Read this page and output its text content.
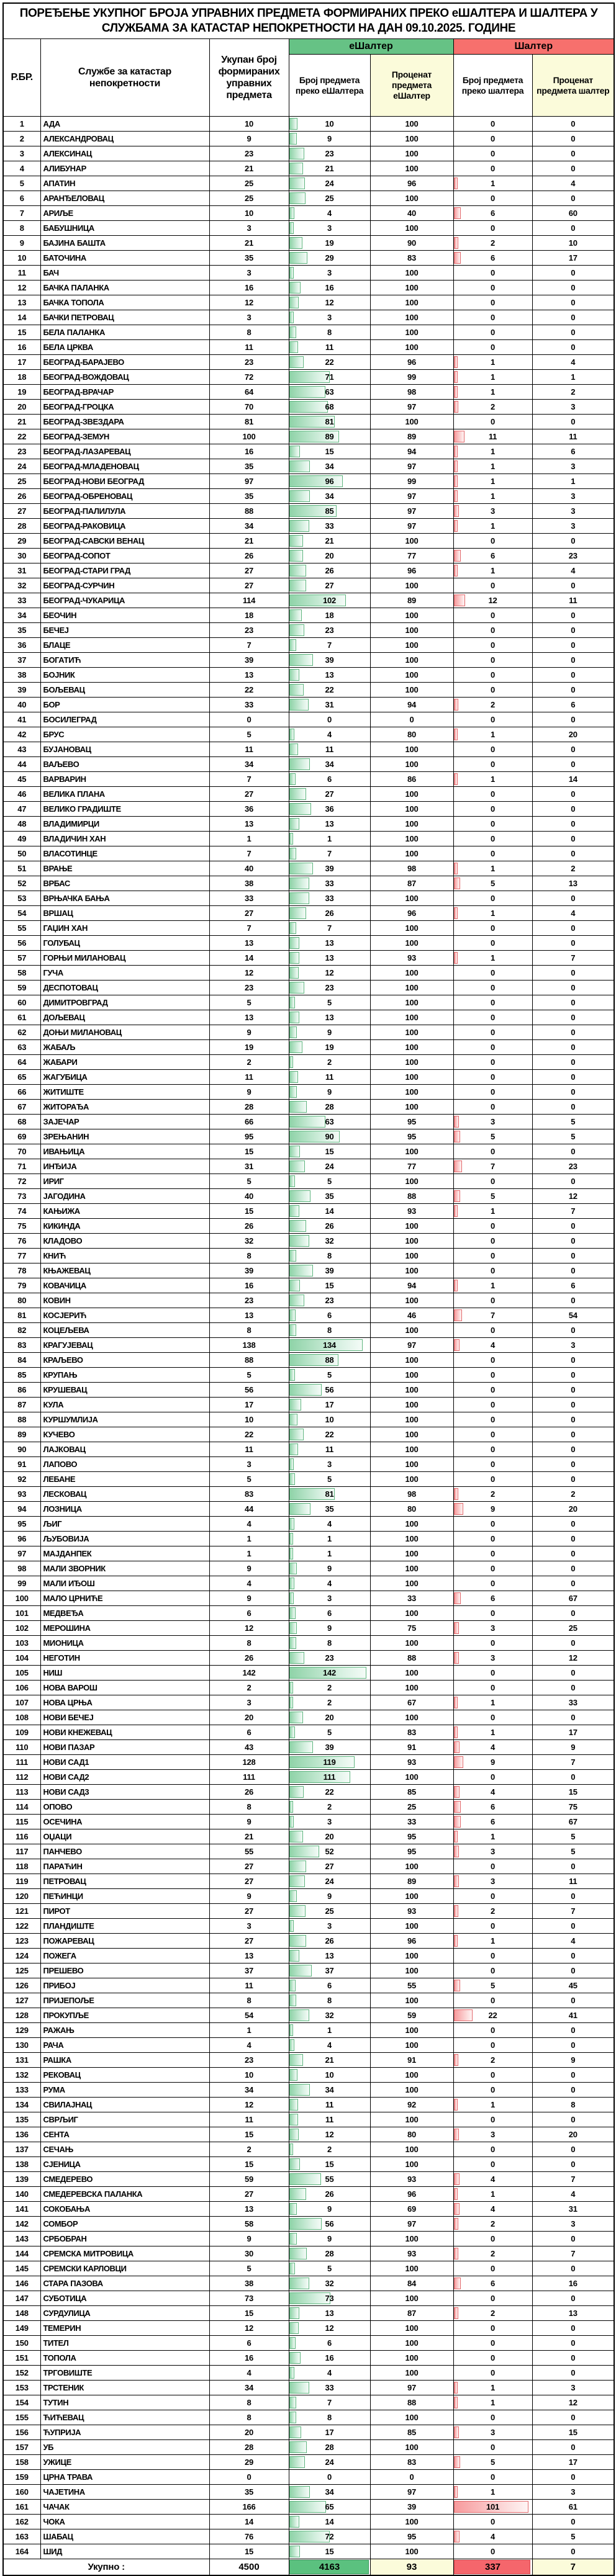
ПОРЕЂЕЊЕ УКУПНОГ БРОЈА УПРАВНИХ ПРЕДМЕТА ФОРМИРАНИХ ПРЕКО еШАЛТЕРА И ШАЛТЕРА У СЛУЖБАМА ЗА КАТАСТАР НЕПОКРЕТНОСТИ НА ДАН 09.10.2025. ГОДИНЕ						
Р.БР.	Службе за катастар непокретности	Укупан број формираних управних предмета	еШалтер		Шалтер	
			Број предмета преко еШалтера	Проценат предмета еШалтер	Број предмета преко шалтера	Проценат предмета шалтер
1	АДА	10	10	100	0	0
2	АЛЕКСАНДРОВАЦ	9	9	100	0	0
3	АЛЕКСИНАЦ	23	23	100	0	0
4	АЛИБУНАР	21	21	100	0	0
5	АПАТИН	25	24	96	1	4
6	АРАНЂЕЛОВАЦ	25	25	100	0	0
7	АРИЉЕ	10	4	40	6	60
8	БАБУШНИЦА	3	3	100	0	0
9	БАЈИНА БАШТА	21	19	90	2	10
10	БАТОЧИНА	35	29	83	6	17
11	БАЧ	3	3	100	0	0
12	БАЧКА ПАЛАНКА	16	16	100	0	0
13	БАЧКА ТОПОЛА	12	12	100	0	0
14	БАЧКИ ПЕТРОВАЦ	3	3	100	0	0
15	БЕЛА ПАЛАНКА	8	8	100	0	0
16	БЕЛА ЦРКВА	11	11	100	0	0
17	БЕОГРАД-БАРАЈЕВО	23	22	96	1	4
18	БЕОГРАД-ВОЖДОВАЦ	72	71	99	1	1
19	БЕОГРАД-ВРАЧАР	64	63	98	1	2
20	БЕОГРАД-ГРОЦКА	70	68	97	2	3
21	БЕОГРАД-ЗВЕЗДАРА	81	81	100	0	0
22	БЕОГРАД-ЗЕМУН	100	89	89	11	11
23	БЕОГРАД-ЛАЗАРЕВАЦ	16	15	94	1	6
24	БЕОГРАД-МЛАДЕНОВАЦ	35	34	97	1	3
25	БЕОГРАД-НОВИ БЕОГРАД	97	96	99	1	1
26	БЕОГРАД-ОБРЕНОВАЦ	35	34	97	1	3
27	БЕОГРАД-ПАЛИЛУЛА	88	85	97	3	3
28	БЕОГРАД-РАКОВИЦА	34	33	97	1	3
29	БЕОГРАД-САВСКИ ВЕНАЦ	21	21	100	0	0
30	БЕОГРАД-СОПОТ	26	20	77	6	23
31	БЕОГРАД-СТАРИ ГРАД	27	26	96	1	4
32	БЕОГРАД-СУРЧИН	27	27	100	0	0
33	БЕОГРАД-ЧУКАРИЦА	114	102	89	12	11
34	БЕОЧИН	18	18	100	0	0
35	БЕЧЕЈ	23	23	100	0	0
36	БЛАЦЕ	7	7	100	0	0
37	БОГАТИЋ	39	39	100	0	0
38	БОЈНИК	13	13	100	0	0
39	БОЉЕВАЦ	22	22	100	0	0
40	БОР	33	31	94	2	6
41	БОСИЛЕГРАД	0	0	0	0	0
42	БРУС	5	4	80	1	20
43	БУЈАНОВАЦ	11	11	100	0	0
44	ВАЉЕВО	34	34	100	0	0
45	ВАРВАРИН	7	6	86	1	14
46	ВЕЛИКА ПЛАНА	27	27	100	0	0
47	ВЕЛИКО ГРАДИШТЕ	36	36	100	0	0
48	ВЛАДИМИРЦИ	13	13	100	0	0
49	ВЛАДИЧИН ХАН	1	1	100	0	0
50	ВЛАСОТИНЦЕ	7	7	100	0	0
51	ВРАЊЕ	40	39	98	1	2
52	ВРБАС	38	33	87	5	13
53	ВРЊАЧКА БАЊА	33	33	100	0	0
54	ВРШАЦ	27	26	96	1	4
55	ГАЏИН ХАН	7	7	100	0	0
56	ГОЛУБАЦ	13	13	100	0	0
57	ГОРЊИ МИЛАНОВАЦ	14	13	93	1	7
58	ГУЧА	12	12	100	0	0
59	ДЕСПОТОВАЦ	23	23	100	0	0
60	ДИМИТРОВГРАД	5	5	100	0	0
61	ДОЉЕВАЦ	13	13	100	0	0
62	ДОЊИ МИЛАНОВАЦ	9	9	100	0	0
63	ЖАБАЉ	19	19	100	0	0
64	ЖАБАРИ	2	2	100	0	0
65	ЖАГУБИЦА	11	11	100	0	0
66	ЖИТИШТЕ	9	9	100	0	0
67	ЖИТОРАЂА	28	28	100	0	0
68	ЗАЈЕЧАР	66	63	95	3	5
69	ЗРЕЊАНИН	95	90	95	5	5
70	ИВАЊИЦА	15	15	100	0	0
71	ИНЂИЈА	31	24	77	7	23
72	ИРИГ	5	5	100	0	0
73	ЈАГОДИНА	40	35	88	5	12
74	КАЊИЖА	15	14	93	1	7
75	КИКИНДА	26	26	100	0	0
76	КЛАДОВО	32	32	100	0	0
77	КНИЋ	8	8	100	0	0
78	КЊАЖЕВАЦ	39	39	100	0	0
79	КОВАЧИЦА	16	15	94	1	6
80	КОВИН	23	23	100	0	0
81	КОСЈЕРИЋ	13	6	46	7	54
82	КОЦЕЉЕВА	8	8	100	0	0
83	КРАГУЈЕВАЦ	138	134	97	4	3
84	КРАЉЕВО	88	88	100	0	0
85	КРУПАЊ	5	5	100	0	0
86	КРУШЕВАЦ	56	56	100	0	0
87	КУЛА	17	17	100	0	0
88	КУРШУМЛИЈА	10	10	100	0	0
89	КУЧЕВО	22	22	100	0	0
90	ЛАЈКОВАЦ	11	11	100	0	0
91	ЛАПОВО	3	3	100	0	0
92	ЛЕБАНЕ	5	5	100	0	0
93	ЛЕСКОВАЦ	83	81	98	2	2
94	ЛОЗНИЦА	44	35	80	9	20
95	ЉИГ	4	4	100	0	0
96	ЉУБОВИЈА	1	1	100	0	0
97	МАЈДАНПЕК	1	1	100	0	0
98	МАЛИ ЗВОРНИК	9	9	100	0	0
99	МАЛИ ИЂОШ	4	4	100	0	0
100	МАЛО ЦРНИЋЕ	9	3	33	6	67
101	МЕДВЕЂА	6	6	100	0	0
102	МЕРОШИНА	12	9	75	3	25
103	МИОНИЦА	8	8	100	0	0
104	НЕГОТИН	26	23	88	3	12
105	НИШ	142	142	100	0	0
106	НОВА ВАРОШ	2	2	100	0	0
107	НОВА ЦРЊА	3	2	67	1	33
108	НОВИ БЕЧЕЈ	20	20	100	0	0
109	НОВИ КНЕЖЕВАЦ	6	5	83	1	17
110	НОВИ ПАЗАР	43	39	91	4	9
111	НОВИ САД1	128	119	93	9	7
112	НОВИ САД2	111	111	100	0	0
113	НОВИ САД3	26	22	85	4	15
114	ОПОВО	8	2	25	6	75
115	ОСЕЧИНА	9	3	33	6	67
116	ОЏАЦИ	21	20	95	1	5
117	ПАНЧЕВО	55	52	95	3	5
118	ПАРАЋИН	27	27	100	0	0
119	ПЕТРОВАЦ	27	24	89	3	11
120	ПЕЋИНЦИ	9	9	100	0	0
121	ПИРОТ	27	25	93	2	7
122	ПЛАНДИШТЕ	3	3	100	0	0
123	ПОЖАРЕВАЦ	27	26	96	1	4
124	ПОЖЕГА	13	13	100	0	0
125	ПРЕШЕВО	37	37	100	0	0
126	ПРИБОЈ	11	6	55	5	45
127	ПРИЈЕПОЉЕ	8	8	100	0	0
128	ПРОКУПЉЕ	54	32	59	22	41
129	РАЖАЊ	1	1	100	0	0
130	РАЧА	4	4	100	0	0
131	РАШКА	23	21	91	2	9
132	РЕКОВАЦ	10	10	100	0	0
133	РУМА	34	34	100	0	0
134	СВИЛАЈНАЦ	12	11	92	1	8
135	СВРЉИГ	11	11	100	0	0
136	СЕНТА	15	12	80	3	20
137	СЕЧАЊ	2	2	100	0	0
138	СЈЕНИЦА	15	15	100	0	0
139	СМЕДЕРЕВО	59	55	93	4	7
140	СМЕДЕРЕВСКА ПАЛАНКА	27	26	96	1	4
141	СОКОБАЊА	13	9	69	4	31
142	СОМБОР	58	56	97	2	3
143	СРБОБРАН	9	9	100	0	0
144	СРЕМСКА МИТРОВИЦА	30	28	93	2	7
145	СРЕМСКИ КАРЛОВЦИ	5	5	100	0	0
146	СТАРА ПАЗОВА	38	32	84	6	16
147	СУБОТИЦА	73	73	100	0	0
148	СУРДУЛИЦА	15	13	87	2	13
149	ТЕМЕРИН	12	12	100	0	0
150	ТИТЕЛ	6	6	100	0	0
151	ТОПОЛА	16	16	100	0	0
152	ТРГОВИШТЕ	4	4	100	0	0
153	ТРСТЕНИК	34	33	97	1	3
154	ТУТИН	8	7	88	1	12
155	ЋИЋЕВАЦ	8	8	100	0	0
156	ЋУПРИЈА	20	17	85	3	15
157	УБ	28	28	100	0	0
158	УЖИЦЕ	29	24	83	5	17
159	ЦРНА ТРАВА	0	0	0	0	0
160	ЧАЈЕТИНА	35	34	97	1	3
161	ЧАЧАК	166	65	39	101	61
162	ЧОКА	14	14	100	0	0
163	ШАБАЦ	76	72	95	4	5
164	ШИД	15	15	100	0	0
Укупно :		4500	4163	93	337	7
